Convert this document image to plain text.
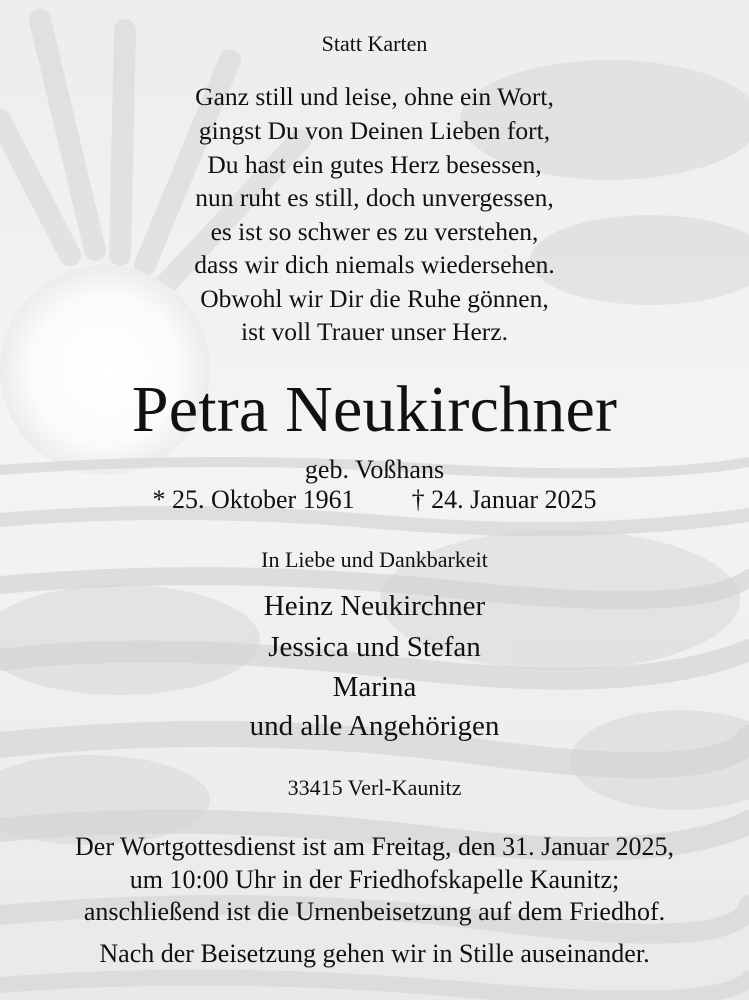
Statt Karten
Ganz still und leise, ohne ein Wort,
gingst Du von Deinen Lieben fort,
Du hast ein gutes Herz besessen,
nun ruht es still, doch unvergessen,
es ist so schwer es zu verstehen,
dass wir dich niemals wiedersehen.
Obwohl wir Dir die Ruhe gönnen,
ist voll Trauer unser Herz.
Petra Neukirchner
geb. Voßhans
* 25. Oktober 1961 † 24. Januar 2025
In Liebe und Dankbarkeit
Heinz Neukirchner
Jessica und Stefan
Marina
und alle Angehörigen
33415 Verl-Kaunitz
Der Wortgottesdienst ist am Freitag, den 31. Januar 2025,
um 10:00 Uhr in der Friedhofskapelle Kaunitz;
anschließend ist die Urnenbeisetzung auf dem Friedhof.
Nach der Beisetzung gehen wir in Stille auseinander.
